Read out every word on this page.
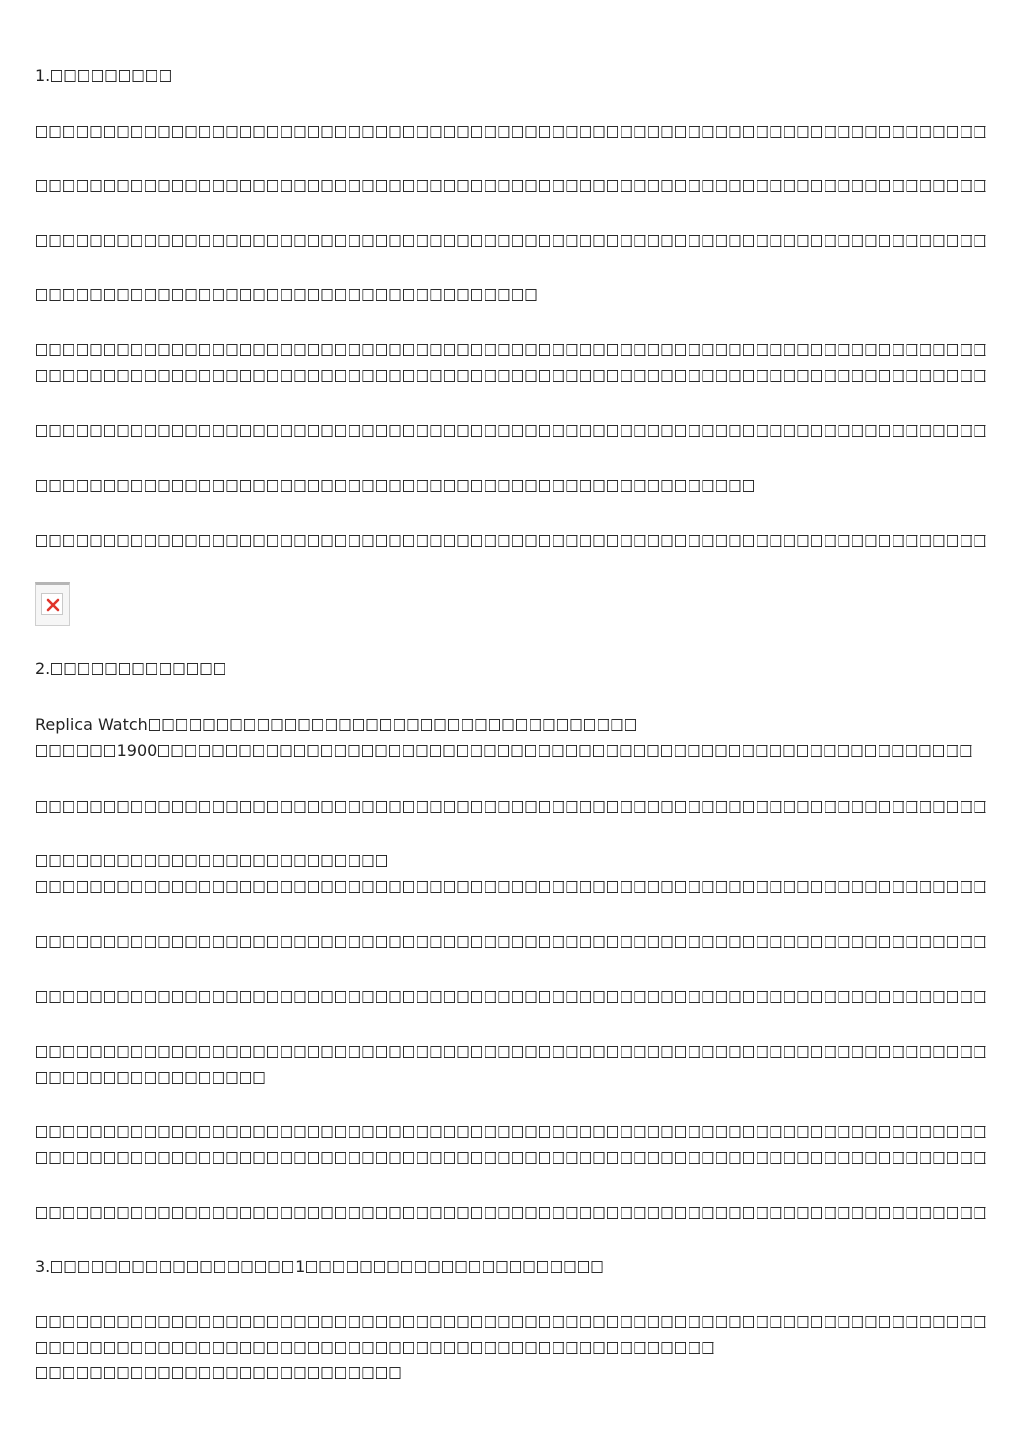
1.
2.
Replica Watch
1900
3.	1
